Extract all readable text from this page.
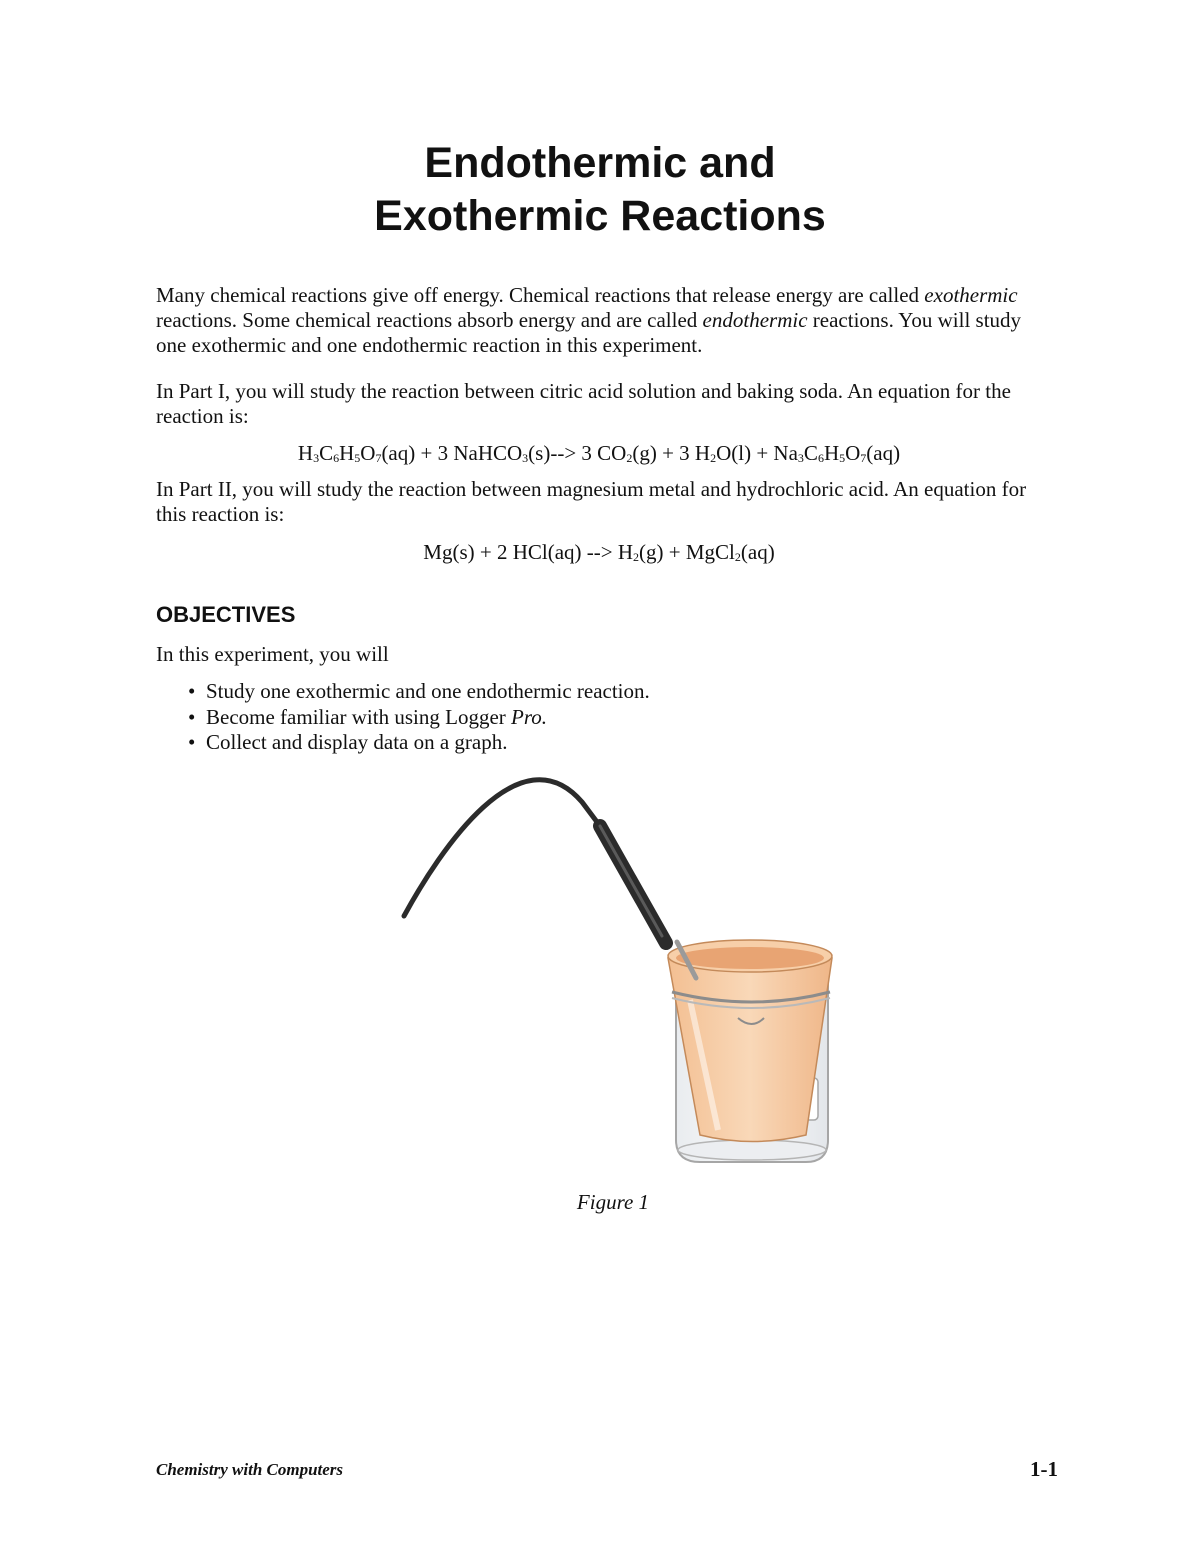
Endothermic and
Exothermic Reactions
Many chemical reactions give off energy. Chemical reactions that release energy are called exothermic reactions. Some chemical reactions absorb energy and are called endothermic reactions. You will study one exothermic and one endothermic reaction in this experiment.
In Part I, you will study the reaction between citric acid solution and baking soda. An equation for the reaction is:
$H_3C_6H_5O_7(aq) + 3$ NaHCO$_3$(s)--> 3 $CO_2(g) + 3$ $H_2O(l) + Na_3C_6H_5O_7(aq)$
In Part II, you will study the reaction between magnesium metal and hydrochloric acid. An equation for this reaction is:
Mg(s) + 2 HCl(aq) --> $H_2(g)$ + MgCl$_2$(aq)
OBJECTIVES
In this experiment, you will
• Study one exothermic and one endothermic reaction.
• Become familiar with using Logger Pro.
• Collect and display data on a graph.
Figure 1
Chemistry with Computers	1-1
